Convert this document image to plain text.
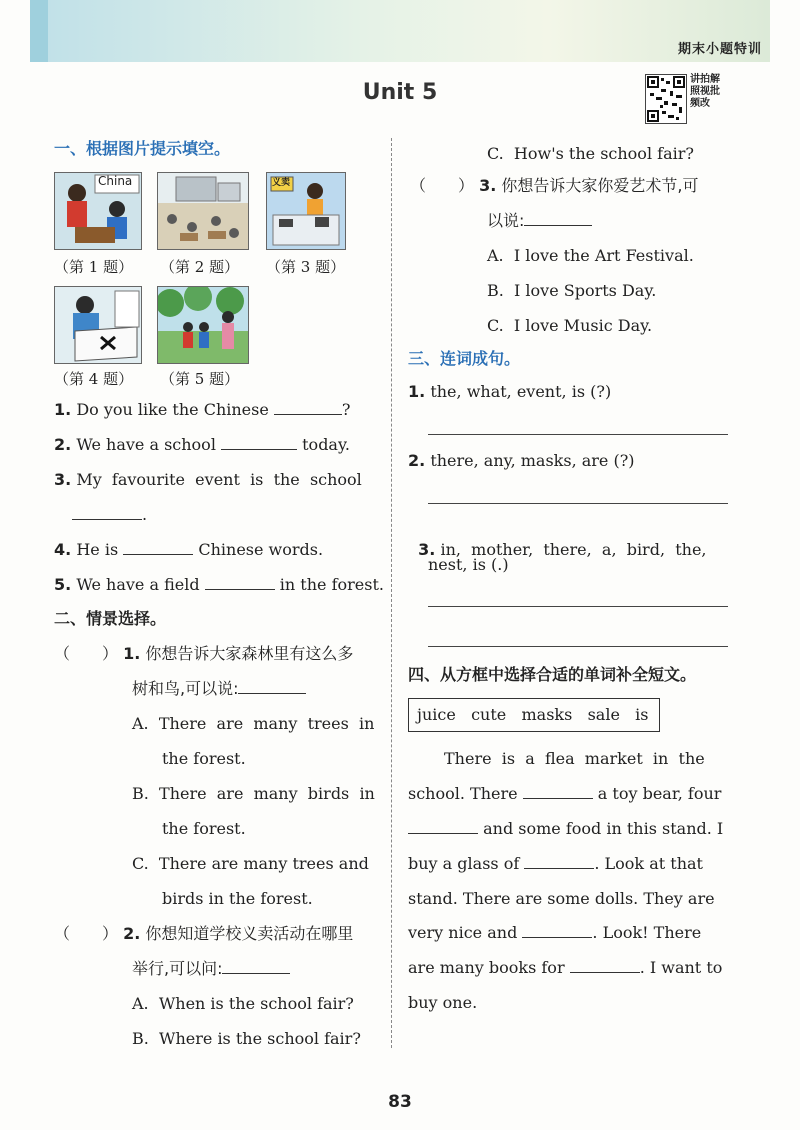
期末小题特训
Unit 5
讲拍解照视批频改
一、根据图片提示填空。
China	义卖
（第 1 题） （第 2 题） （第 3 题）
（第 4 题） （第 5 题）
1. Do you like the Chinese	?
2. We have a school	today.
3. My  favourite  event  is  the  school
.
4. He is	Chinese words.
5. We have a field	in the forest.
二、情景选择。
（　　） 1. 你想告诉大家森林里有这么多
树和鸟,可以说:
A.  There  are  many  trees  in
the forest.
B.  There  are  many  birds  in
the forest.
C.  There are many trees and
birds in the forest.
（　　） 2. 你想知道学校义卖活动在哪里
举行,可以问:
A.  When is the school fair?
B.  Where is the school fair?
C.  How's the school fair?
（　　） 3. 你想告诉大家你爱艺术节,可
以说:
A.  I love the Art Festival.
B.  I love Sports Day.
C.  I love Music Day.
三、连词成句。
1. the, what, event, is (?)
2. there, any, masks, are (?)

3. in,  mother,  there,  a,  bird,  the,

nest, is (.)
四、从方框中选择合适的单词补全短文。
juice   cute   masks   sale   is
There  is  a  flea  market  in  the
school. There	a toy bear, four
and some food in this stand. I
buy a glass of	. Look at that
stand. There are some dolls. They are
very nice and	. Look! There
are many books for	. I want to
buy one.
83
